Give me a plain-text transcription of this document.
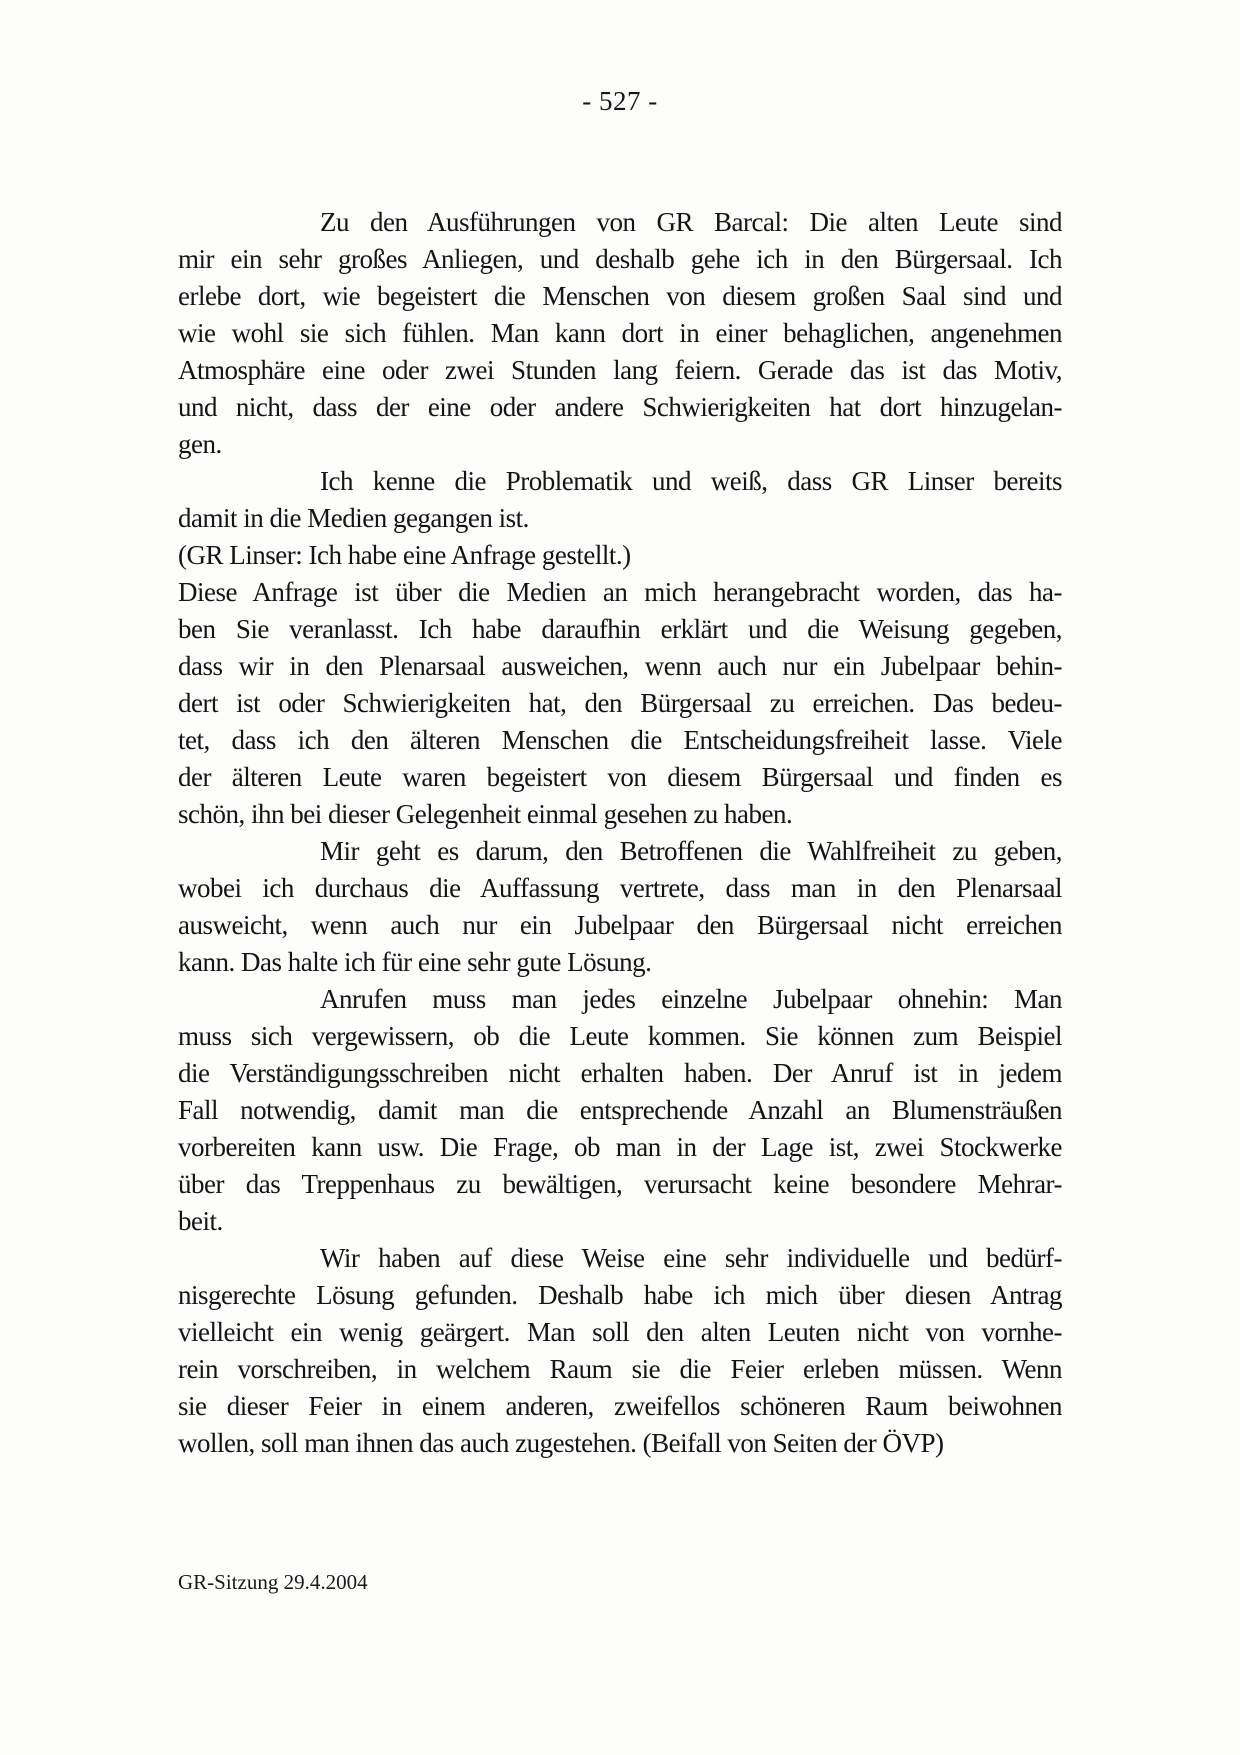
- 527 -
Zu den Ausführungen von GR Barcal: Die alten Leute sind
mir ein sehr großes Anliegen, und deshalb gehe ich in den Bürgersaal. Ich
erlebe dort, wie begeistert die Menschen von diesem großen Saal sind und
wie wohl sie sich fühlen. Man kann dort in einer behaglichen, angenehmen
Atmosphäre eine oder zwei Stunden lang feiern. Gerade das ist das Motiv,
und nicht, dass der eine oder andere Schwierigkeiten hat dort hinzugelan-
gen.
Ich kenne die Problematik und weiß, dass GR Linser bereits
damit in die Medien gegangen ist.
(GR Linser: Ich habe eine Anfrage gestellt.)
Diese Anfrage ist über die Medien an mich herangebracht worden, das ha-
ben Sie veranlasst. Ich habe daraufhin erklärt und die Weisung gegeben,
dass wir in den Plenarsaal ausweichen, wenn auch nur ein Jubelpaar behin-
dert ist oder Schwierigkeiten hat, den Bürgersaal zu erreichen. Das bedeu-
tet, dass ich den älteren Menschen die Entscheidungsfreiheit lasse. Viele
der älteren Leute waren begeistert von diesem Bürgersaal und finden es
schön, ihn bei dieser Gelegenheit einmal gesehen zu haben.
Mir geht es darum, den Betroffenen die Wahlfreiheit zu geben,
wobei ich durchaus die Auffassung vertrete, dass man in den Plenarsaal
ausweicht, wenn auch nur ein Jubelpaar den Bürgersaal nicht erreichen
kann. Das halte ich für eine sehr gute Lösung.
Anrufen muss man jedes einzelne Jubelpaar ohnehin: Man
muss sich vergewissern, ob die Leute kommen. Sie können zum Beispiel
die Verständigungsschreiben nicht erhalten haben. Der Anruf ist in jedem
Fall notwendig, damit man die entsprechende Anzahl an Blumensträußen
vorbereiten kann usw. Die Frage, ob man in der Lage ist, zwei Stockwerke
über das Treppenhaus zu bewältigen, verursacht keine besondere Mehrar-
beit.
Wir haben auf diese Weise eine sehr individuelle und bedürf-
nisgerechte Lösung gefunden. Deshalb habe ich mich über diesen Antrag
vielleicht ein wenig geärgert. Man soll den alten Leuten nicht von vornhe-
rein vorschreiben, in welchem Raum sie die Feier erleben müssen. Wenn
sie dieser Feier in einem anderen, zweifellos schöneren Raum beiwohnen
wollen, soll man ihnen das auch zugestehen. (Beifall von Seiten der ÖVP)
GR-Sitzung 29.4.2004
